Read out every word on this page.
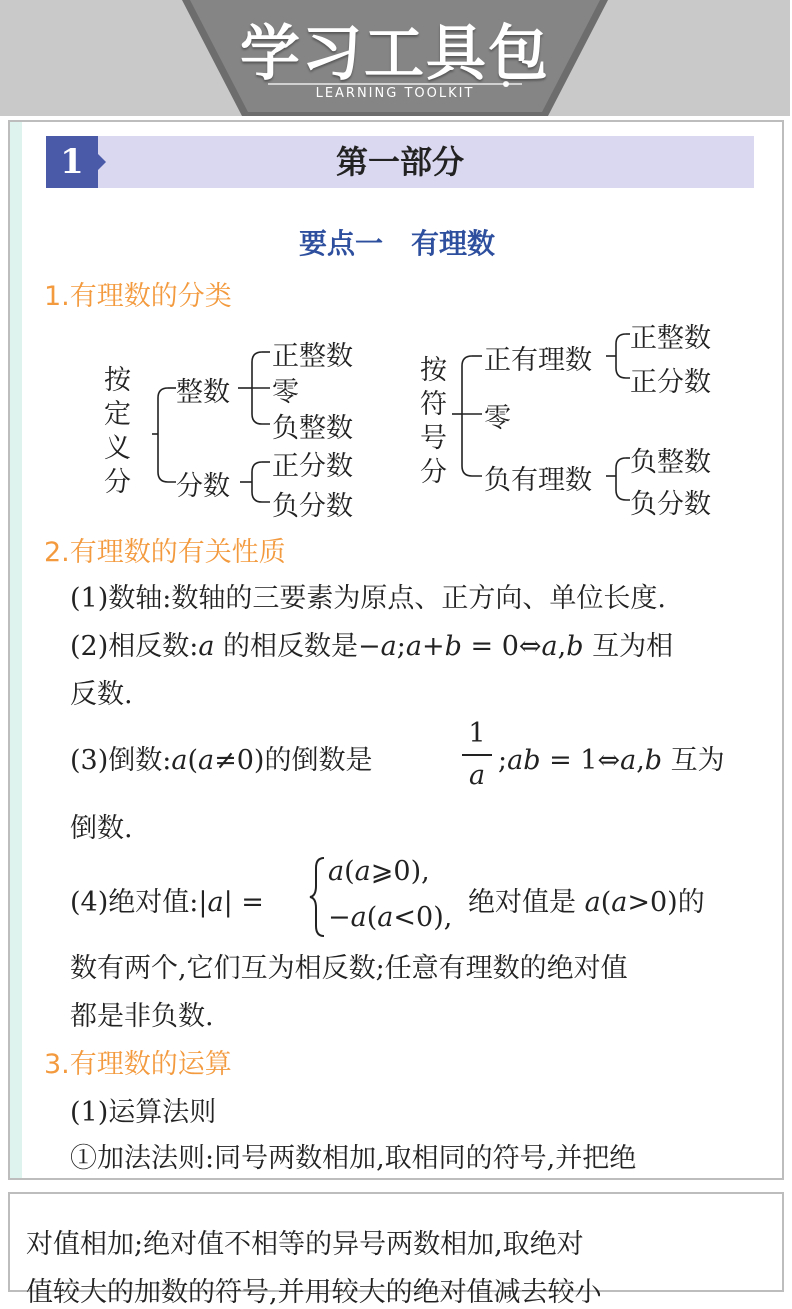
学习工具包
LEARNING TOOLKIT
第一部分
1
要点一　有理数
1.有理数的分类
按
定
义
分
整数
分数
正整数
零
负整数
正分数
负分数
按
符
号
分
正有理数
零
负有理数
正整数
正分数
负整数
负分数
2.有理数的有关性质
(1)数轴:数轴的三要素为原点、正方向、单位长度.
(2)相反数:a 的相反数是−a;a+b = 0⇔a,b 互为相
反数.
(3)倒数:a(a≠0)的倒数是
1
a ;ab = 1⇔a,b 互为
倒数.
(4)绝对值:|a| =
a(a⩾0),
−a(a<0), 绝对值是 a(a>0)的
数有两个,它们互为相反数;任意有理数的绝对值
都是非负数.
3.有理数的运算
(1)运算法则
①加法法则:同号两数相加,取相同的符号,并把绝
对值相加;绝对值不相等的异号两数相加,取绝对
值较大的加数的符号,并用较大的绝对值减去较小
